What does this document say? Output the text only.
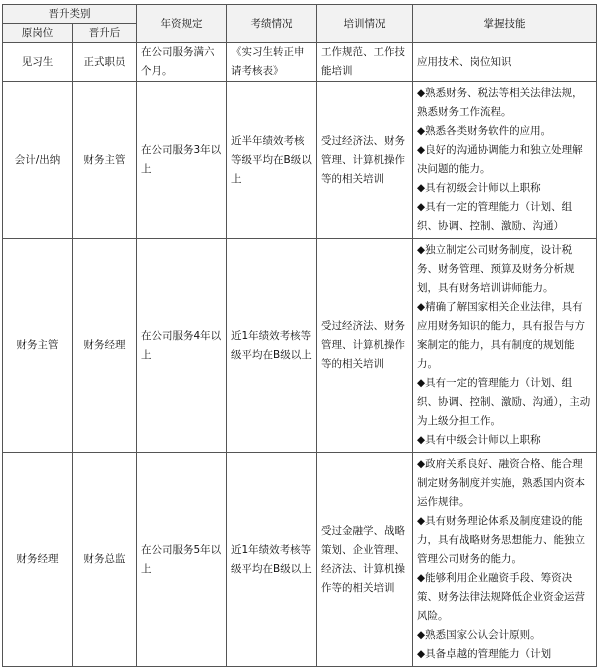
晋升类别		年资规定	考绩情况	培训情况	掌握技能
原岗位	晋升后				
见习生	正式职员	在公司服务满六个月。	《实习生转正申请考核表》	工作规范、工作技能培训	应用技术、岗位知识

会计/出纳	财务主管	在公司服务3年以上	近半年绩效考核等级平均在B级以上	受过经济法、财务管理、计算机操作等的相关培训	◆熟悉财务、税法等相关法律法规，熟悉财务工作流程。
◆熟悉各类财务软件的应用。
◆良好的沟通协调能力和独立处理解决问题的能力。
◆具有初级会计师以上职称
◆具有一定的管理能力（计划、组织、协调、控制、激励、沟通）

财务主管	财务经理	在公司服务4年以上	近1年绩效考核等级平均在B级以上	受过经济法、财务管理、计算机操作等的相关培训	◆独立制定公司财务制度，设计税务、财务管理、预算及财务分析规划，具有财务培训讲师能力。
◆精确了解国家相关企业法律，具有应用财务知识的能力，具有报告与方案制定的能力，具有制度的规划能力。
◆具有一定的管理能力（计划、组织、协调、控制、激励、沟通），主动为上级分担工作。
◆具有中级会计师以上职称

财务经理	财务总监	在公司服务5年以上	近1年绩效考核等级平均在B级以上	受过金融学、战略策划、企业管理、经济法、计算机操作等的相关培训	◆政府关系良好、融资合格、能合理制定财务制度并实施，熟悉国内资本运作规律。
◆具有财务理论体系及制度建设的能力，具有战略财务思想能力、能独立管理公司财务的能力。
◆能够利用企业融资手段、筹资决策、财务法律法规降低企业资金运营风险。
◆熟悉国家公认会计原则。
◆具备卓越的管理能力（计划
